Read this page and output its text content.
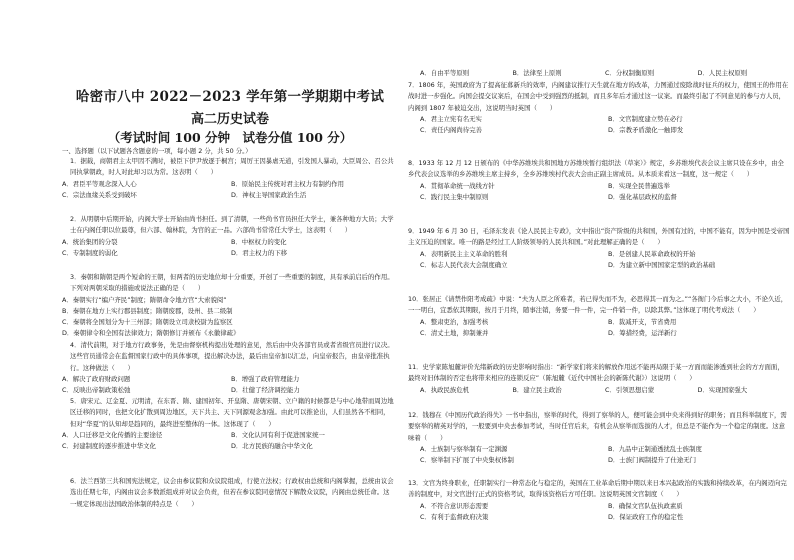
哈密市八中 2022－2023 学年第一学期期中考试
高二历史试卷
（考试时间 100 分钟　试卷分值 100 分）
一、选择题（以下试题各含题意的一项，每小题 2 分，共 50 分。）

1．据载，商朝君主太甲因不满时，被臣下伊尹放逐于桐宫；周厉王因暴虐无道，引发国人暴动，大臣周公、召公共同执掌朝政，时人对此却习以为常。这表明（　　）

A．君臣平等观念深入人心	B．原始民主传统对君主权力有制约作用
C．宗法血缘关系受到破坏	D．神权主导国家政治生活

2．从明朝中后期开始，内阁大学士开始由尚书担任。到了清朝，一些尚书官员担任大学士，兼各种地方大员；大学士在内阁任职以位最尊，但六部、翰林院，为官的正一品。六部尚书常常任大学士，这表明（　　）

A．统治集团的分裂	B．中枢权力的变化
C．专制制度的弱化	D．君主权力的下移

3．秦朝和隋朝是两个短命的王朝，但两者的历史地位却十分重要，开创了一些重要的制度，具有承前启后的作用。下列对两朝采取的措施或说法正确的是（　　）

A．秦朝实行“编户齐民”制度；隋朝命令地方官“大索貌阅”

B．秦朝在地方上实行郡县制度；隋朝废郡，设州、县二级制

C．秦朝将全国划分为十三州部；隋朝设立司隶校尉为监察区

D．秦朝律令和全国有法律效力；隋朝修订并颁布《永徽律疏》

4．清代前期，对于地方行政事务，先是由督察机构提出处理的意见，然后由中央各部官员或者省级官员进行议决。这些官员通常会在监督国家行政中的具体事项，提出解决办法，最后由皇帝加以汇总，向皇帝报告，由皇帝批准执行。这种做法（　　）

A．解决了政府财政问题	B．增强了政府管理能力
C．反映出帝制政策松弛	D．壮健了经济调控能力

5．唐宋元、辽金夏、元明清，在东晋、隋、建国初年、开皇隋、唐朝宋朝、立户籍的时候都是与中心地带而周边地区迁移的同时，也把文化扩散到周边地区，天下共主、天下同源观念加强。由此可以推论出，人们虽然各不相同，但对“华夏”的认知却是趋同的，最终进至整体的一体。这体现了（　　）

A．人口迁移是文化传播的主要途径	B．文化认同有利于促进国家统一
C．封建制度的逐步推进中华文化	D．北方民族的融合中华文化

6．法兰西第三共和国宪法规定，议会由参议院和众议院组成，行使立法权；行政权由总统和内阁掌握，总统由议会选出任期七年，内阁由议会多数派组成并对议会负责，但若在参议院同意情况下解散众议院，内阁由总统任命。这一规定体现出法国政治体制的特点是（　　）

A．自由平等原则	B．法律至上原则	C．分权制衡原则	D．人民主权原则

7．1806 年，英国政府为了提高征募新兵的效率，内阁建议推行天生就在地方的改革，力图通过废除战时征兵的权力，使国王的作用在战时进一步强化。向国会提交议案后，在国会中受到强烈的抵制，而且多年后才通过这一议案。而最终引起了不同意见的参与方人员，内阁到 1807 年被迫交出，这说明当时英国（　　）

A．君主立宪有名无实	B．文官制度建立势在必行
C．责任内阁尚待完善	D．宗教矛盾激化一触即发

8．1933 年 12 月 12 日颁布的《中华苏维埃共和国地方苏维埃暂行组织法（草案）》规定，乡苏维埃代表会议主席只设在乡中，由全乡代表会议选举的乡苏维埃主席主持乡，全乡苏维埃村代表大会由正副主席成员。从本质来看这一制度，这一规定（　　）

A．贯彻革命统一战线方针	B．实现全民普遍选举
C．践行民主集中制原则	D．强化基层政权的监督

9．1949 年 6 月 30 日，毛泽东发表《论人民民主专政》，文中指出“资产阶级的共和国，外国有过的，中国不能有，因为中国是受帝国主义压迫的国家。唯一的路是经过工人阶级领导的人民共和国。”对此理解正确的是（　　）

A．表明新民主主义革命的胜利	B．是创建人民革命政权的开始
C．标志人民代表大会制度确立	D．为建立新中国国家定型的政治基础

10．张居正《请禁作阳考成疏》中说：“夫为人臣之所难者，若已得失而不为，必思得其一而为之。”“各衙门今后事之大小，不论久近，一一明白，宜悉依其期限，按月于月终，随事注销，务要一件一件，完一件销一件，以除其弊。”这体现了明代考成法（　　）

A．整肃吏治，加强考核	B．裁减开支，节省费用
C．清丈土地，抑制兼并	D．筹措经费，运洋新行

11．史学家陈旭麓评价光绪新政的历史影响时指出：“新学家们将来的解放作用远不能再局限于某一方面而能渗透到社会的方方面面，最终对旧体制的否定也将带来相应的连锁反应”（陈旭麓《近代中国社会的新陈代谢》）这说明（　　）

A．执政民族危机	B．建立民主政治	C．引领思想启蒙	D．实现国家强大

12．钱穆在《中国历代政治得失》一书中指出，察举的时代，得到了察举的人，便可能会到中央来得到好的职务；而且科举制度下，需要察举的精英对学的，一般要到中央去参加考试，当时任官后来，有机会从察举而选拔的人才，但总是不能作为一个稳定的制度。这意味着（　　）

A．士族制与察举制有一定渊源	B．九品中正制通透扰乱士族制度
C．察举制下扩展了中央集权体制	D．士族门阀制提升了仕途无门

13．文官为终身职业，任职制实行一种常态化与稳定的，英国在工业革命后期中期以来日本兴起政治的实践和持续改革，在内阁迈向完善的制度中，对文官进行正式的资格考试，取得该资格后方可任职。这说明英国文官制度（　　）

A．不符合意识形态需要	B．确保文官队伍执政素质
C．有利于监督政府决策	D．保证政府工作的稳定性
